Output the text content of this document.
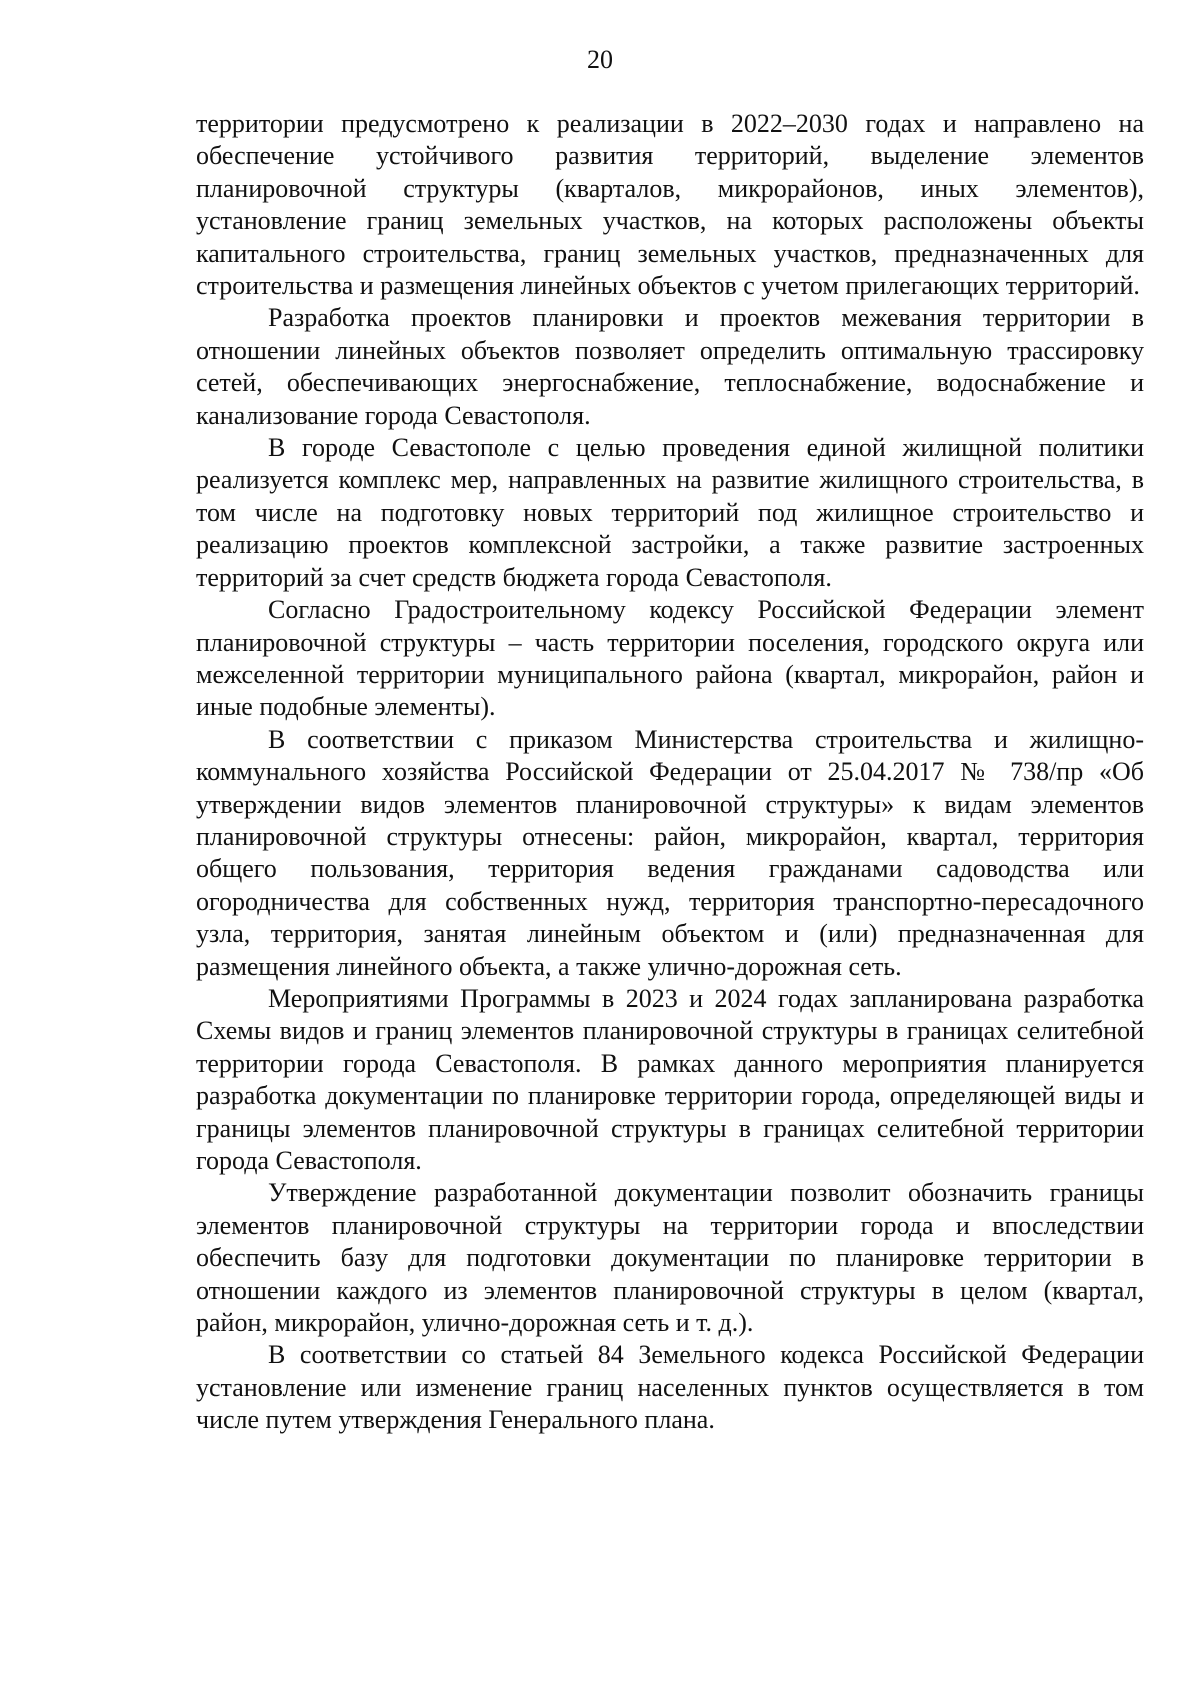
20

территории предусмотрено к реализации в 2022–2030 годах и направлено на обеспечение устойчивого развития территорий, выделение элементов планировочной структуры (кварталов, микрорайонов, иных элементов), установление границ земельных участков, на которых расположены объекты капитального строительства, границ земельных участков, предназначенных для строительства и размещения линейных объектов с учетом прилегающих территорий.

Разработка проектов планировки и проектов межевания территории в отношении линейных объектов позволяет определить оптимальную трассировку сетей, обеспечивающих энергоснабжение, теплоснабжение, водоснабжение и канализование города Севастополя.

В городе Севастополе с целью проведения единой жилищной политики реализуется комплекс мер, направленных на развитие жилищного строительства, в том числе на подготовку новых территорий под жилищное строительство и реализацию проектов комплексной застройки, а также развитие застроенных территорий за счет средств бюджета города Севастополя.

Согласно Градостроительному кодексу Российской Федерации элемент планировочной структуры – часть территории поселения, городского округа или межселенной территории муниципального района (квартал, микрорайон, район и иные подобные элементы).

В соответствии с приказом Министерства строительства и жилищно-коммунального хозяйства Российской Федерации от 25.04.2017 № 738/пр «Об утверждении видов элементов планировочной структуры» к видам элементов планировочной структуры отнесены: район, микрорайон, квартал, территория общего пользования, территория ведения гражданами садоводства или огородничества для собственных нужд, территория транспортно-пересадочного узла, территория, занятая линейным объектом и (или) предназначенная для размещения линейного объекта, а также улично-дорожная сеть.

Мероприятиями Программы в 2023 и 2024 годах запланирована разработка Схемы видов и границ элементов планировочной структуры в границах селитебной территории города Севастополя. В рамках данного мероприятия планируется разработка документации по планировке территории города, определяющей виды и границы элементов планировочной структуры в границах селитебной территории города Севастополя.

Утверждение разработанной документации позволит обозначить границы элементов планировочной структуры на территории города и впоследствии обеспечить базу для подготовки документации по планировке территории в отношении каждого из элементов планировочной структуры в целом (квартал, район, микрорайон, улично-дорожная сеть и т. д.).

В соответствии со статьей 84 Земельного кодекса Российской Федерации установление или изменение границ населенных пунктов осуществляется в том числе путем утверждения Генерального плана.
